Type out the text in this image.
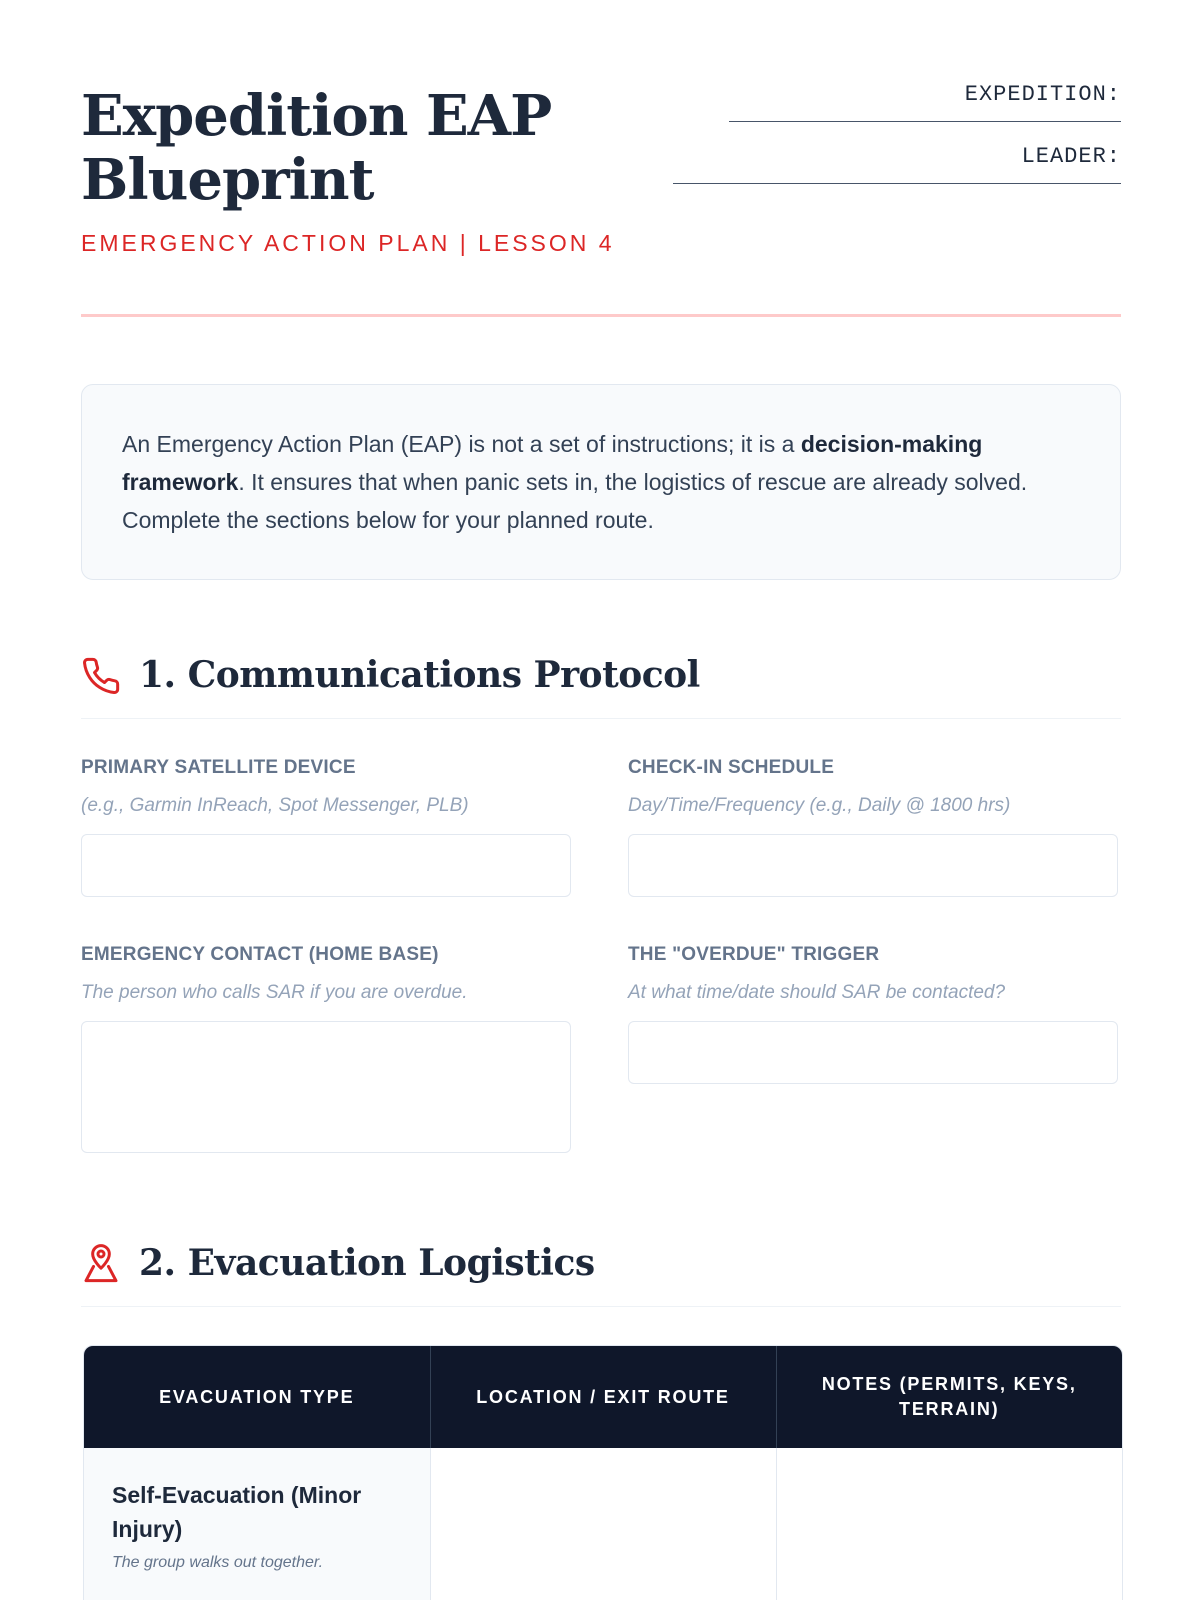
Expedition EAP Blueprint
EMERGENCY ACTION PLAN | LESSON 4
EXPEDITION:
LEADER:
An Emergency Action Plan (EAP) is not a set of instructions; it is a decision-making framework. It ensures that when panic sets in, the logistics of rescue are already solved. Complete the sections below for your planned route.
1. Communications Protocol
PRIMARY SATELLITE DEVICE
(e.g., Garmin InReach, Spot Messenger, PLB)
CHECK-IN SCHEDULE
Day/Time/Frequency (e.g., Daily @ 1800 hrs)
EMERGENCY CONTACT (HOME BASE)
The person who calls SAR if you are overdue.
THE "OVERDUE" TRIGGER
At what time/date should SAR be contacted?
2. Evacuation Logistics
EVACUATION TYPE	LOCATION / EXIT ROUTE	NOTES (PERMITS, KEYS, TERRAIN)

Self-Evacuation (Minor Injury)
The group walks out together.		
